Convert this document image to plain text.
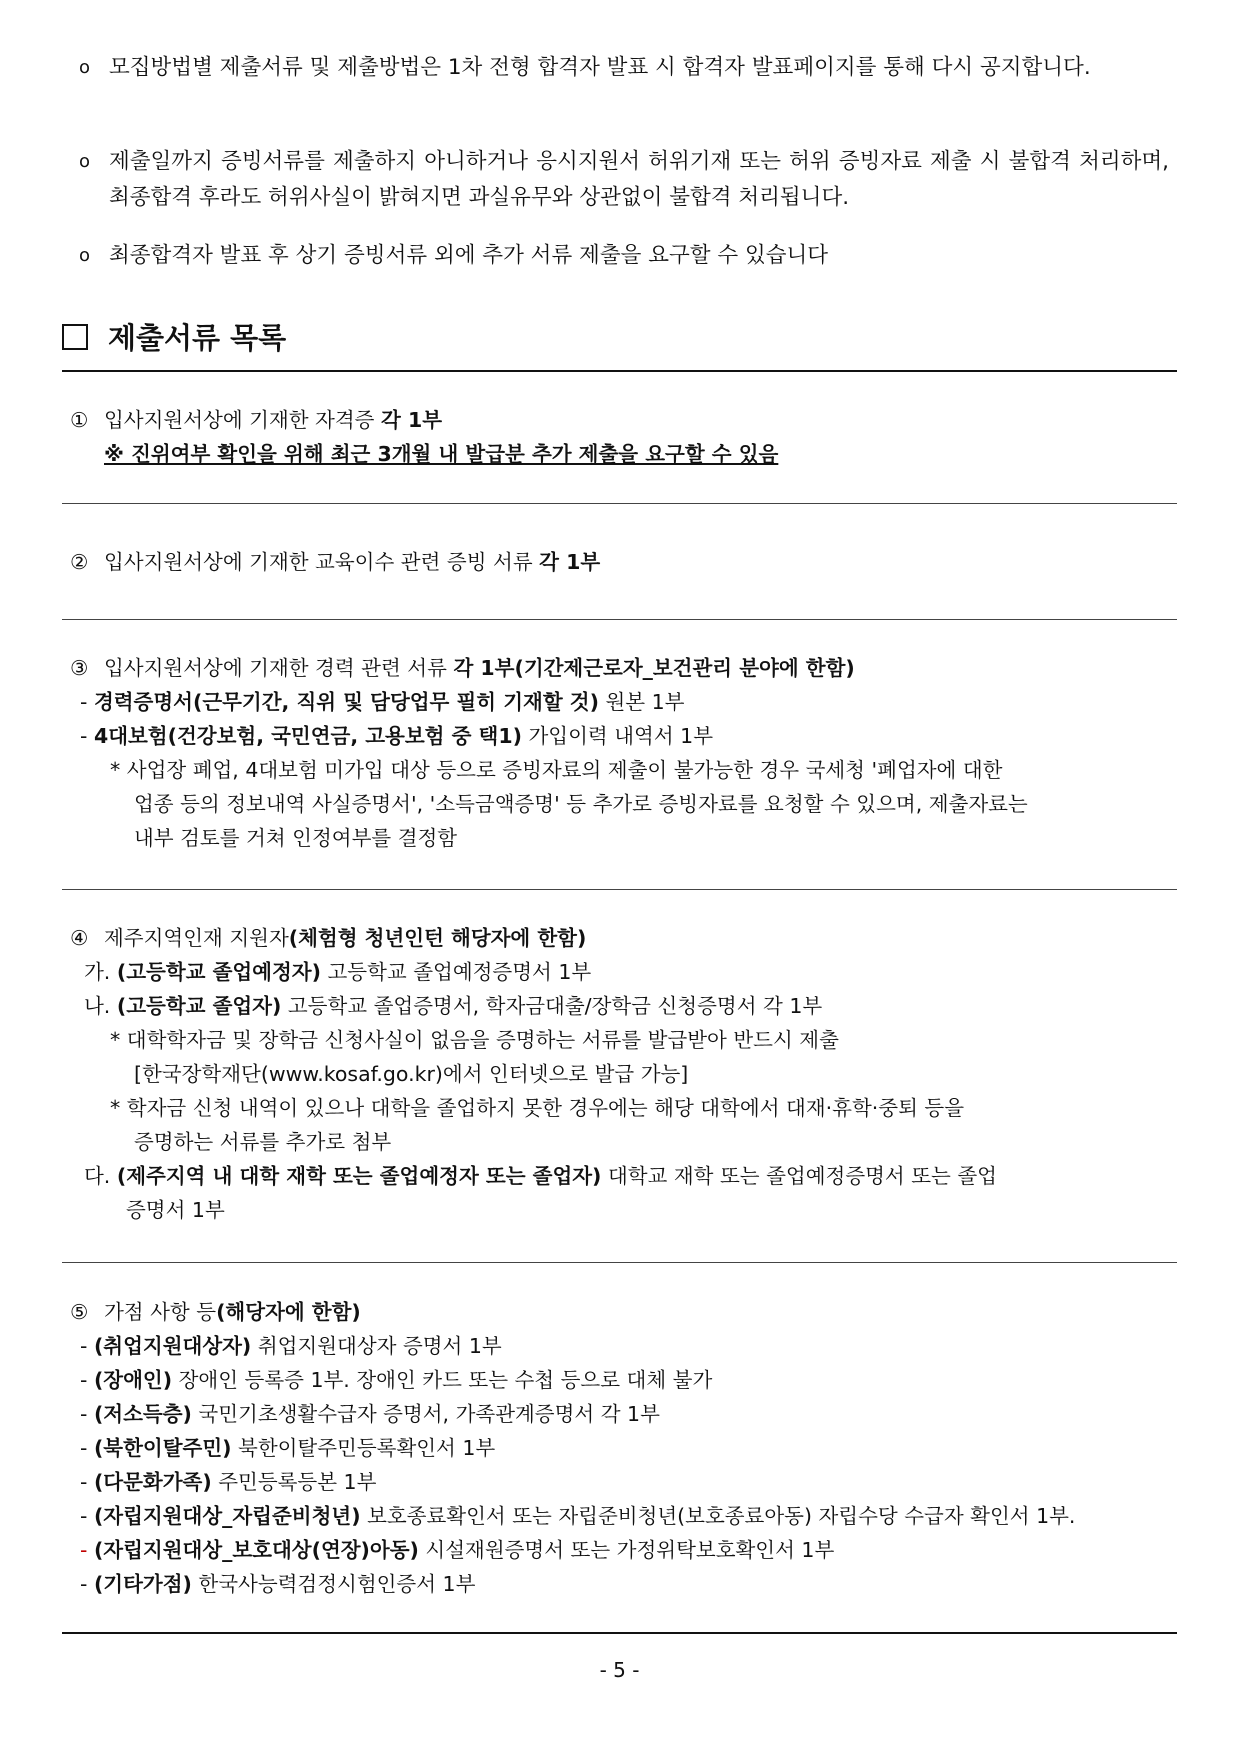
o 모집방법별 제출서류 및 제출방법은 1차 전형 합격자 발표 시 합격자 발표페이지를 통해 다시 공지합니다.
o 제출일까지 증빙서류를 제출하지 아니하거나 응시지원서 허위기재 또는 허위 증빙자료 제출 시 불합격 처리하며, 최종합격 후라도 허위사실이 밝혀지면 과실유무와 상관없이 불합격 처리됩니다.
o 최종합격자 발표 후 상기 증빙서류 외에 추가 서류 제출을 요구할 수 있습니다
제출서류 목록
① 입사지원서상에 기재한 자격증 각 1부
※ 진위여부 확인을 위해 최근 3개월 내 발급분 추가 제출을 요구할 수 있음
② 입사지원서상에 기재한 교육이수 관련 증빙 서류 각 1부
③ 입사지원서상에 기재한 경력 관련 서류 각 1부(기간제근로자_보건관리 분야에 한함)
- 경력증명서(근무기간, 직위 및 담당업무 필히 기재할 것) 원본 1부
- 4대보험(건강보험, 국민연금, 고용보험 중 택1) 가입이력 내역서 1부
* 사업장 폐업, 4대보험 미가입 대상 등으로 증빙자료의 제출이 불가능한 경우 국세청 '폐업자에 대한
업종 등의 정보내역 사실증명서', '소득금액증명' 등 추가로 증빙자료를 요청할 수 있으며, 제출자료는
내부 검토를 거쳐 인정여부를 결정함
④ 제주지역인재 지원자(체험형 청년인턴 해당자에 한함)
가. (고등학교 졸업예정자) 고등학교 졸업예정증명서 1부
나. (고등학교 졸업자) 고등학교 졸업증명서, 학자금대출/장학금 신청증명서 각 1부
* 대학학자금 및 장학금 신청사실이 없음을 증명하는 서류를 발급받아 반드시 제출
[한국장학재단(www.kosaf.go.kr)에서 인터넷으로 발급 가능]
* 학자금 신청 내역이 있으나 대학을 졸업하지 못한 경우에는 해당 대학에서 대재·휴학·중퇴 등을
증명하는 서류를 추가로 첨부
다. (제주지역 내 대학 재학 또는 졸업예정자 또는 졸업자) 대학교 재학 또는 졸업예정증명서 또는 졸업
증명서 1부
⑤ 가점 사항 등(해당자에 한함)
- (취업지원대상자) 취업지원대상자 증명서 1부
- (장애인) 장애인 등록증 1부. 장애인 카드 또는 수첩 등으로 대체 불가
- (저소득층) 국민기초생활수급자 증명서, 가족관계증명서 각 1부
- (북한이탈주민) 북한이탈주민등록확인서 1부
- (다문화가족) 주민등록등본 1부
- (자립지원대상_자립준비청년) 보호종료확인서 또는 자립준비청년(보호종료아동) 자립수당 수급자 확인서 1부.
- (자립지원대상_보호대상(연장)아동) 시설재원증명서 또는 가정위탁보호확인서 1부
- (기타가점) 한국사능력검정시험인증서 1부
- 5 -
